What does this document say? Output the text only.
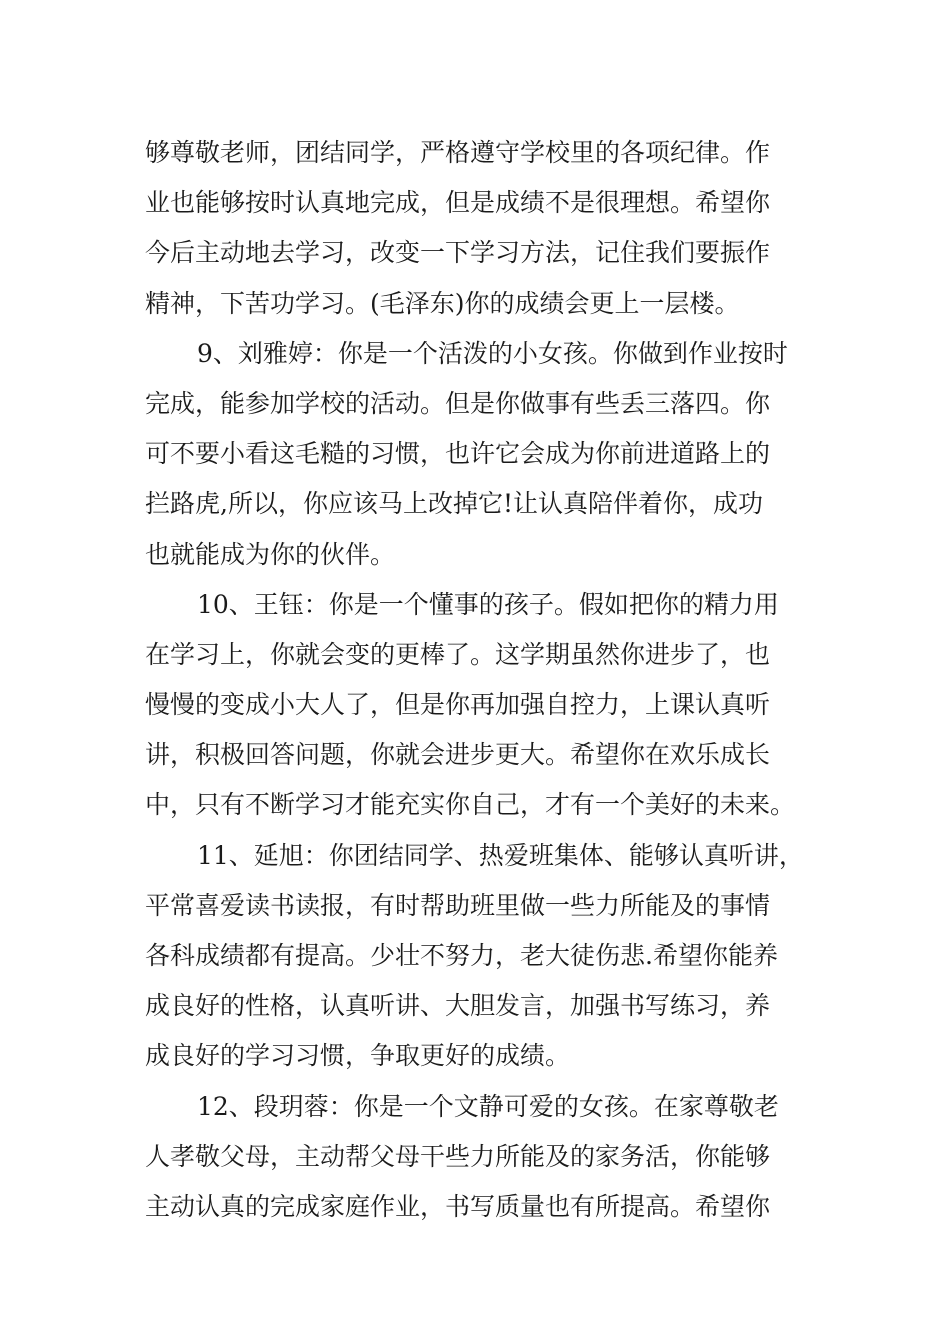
够尊敬老师，团结同学，严格遵守学校里的各项纪律。作
业也能够按时认真地完成，但是成绩不是很理想。希望你
今后主动地去学习，改变一下学习方法，记住我们要振作
精神，下苦功学习。(毛泽东)你的成绩会更上一层楼。
9、刘雅婷：你是一个活泼的小女孩。你做到作业按时
完成，能参加学校的活动。但是你做事有些丢三落四。你
可不要小看这毛糙的习惯，也许它会成为你前进道路上的
拦路虎,所以，你应该马上改掉它!让认真陪伴着你，成功
也就能成为你的伙伴。
10、王钰：你是一个懂事的孩子。假如把你的精力用
在学习上，你就会变的更棒了。这学期虽然你进步了，也
慢慢的变成小大人了，但是你再加强自控力，上课认真听
讲，积极回答问题，你就会进步更大。希望你在欢乐成长
中，只有不断学习才能充实你自己，才有一个美好的未来。
11、延旭：你团结同学、热爱班集体、能够认真听讲，
平常喜爱读书读报，有时帮助班里做一些力所能及的事情
各科成绩都有提高。少壮不努力，老大徒伤悲.希望你能养
成良好的性格，认真听讲、大胆发言，加强书写练习，养
成良好的学习习惯，争取更好的成绩。
12、段玥蓉：你是一个文静可爱的女孩。在家尊敬老
人孝敬父母，主动帮父母干些力所能及的家务活，你能够
主动认真的完成家庭作业，书写质量也有所提高。希望你
